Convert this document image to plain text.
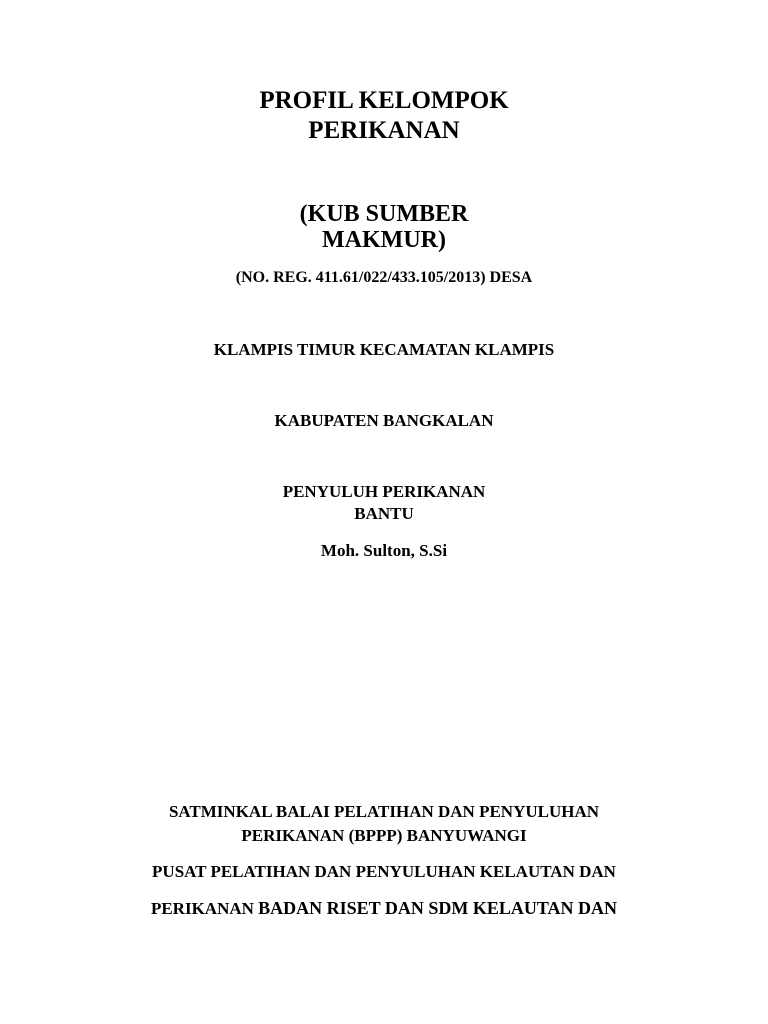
PROFIL KELOMPOK

PERIKANAN

(KUB SUMBER

MAKMUR)

(NO. REG. 411.61/022/433.105/2013) DESA

KLAMPIS TIMUR KECAMATAN KLAMPIS

KABUPATEN BANGKALAN

PENYULUH PERIKANAN

BANTU

Moh. Sulton, S.Si

SATMINKAL BALAI PELATIHAN DAN PENYULUHAN

PERIKANAN (BPPP) BANYUWANGI

PUSAT PELATIHAN DAN PENYULUHAN KELAUTAN DAN

PERIKANAN BADAN RISET DAN SDM KELAUTAN DAN
